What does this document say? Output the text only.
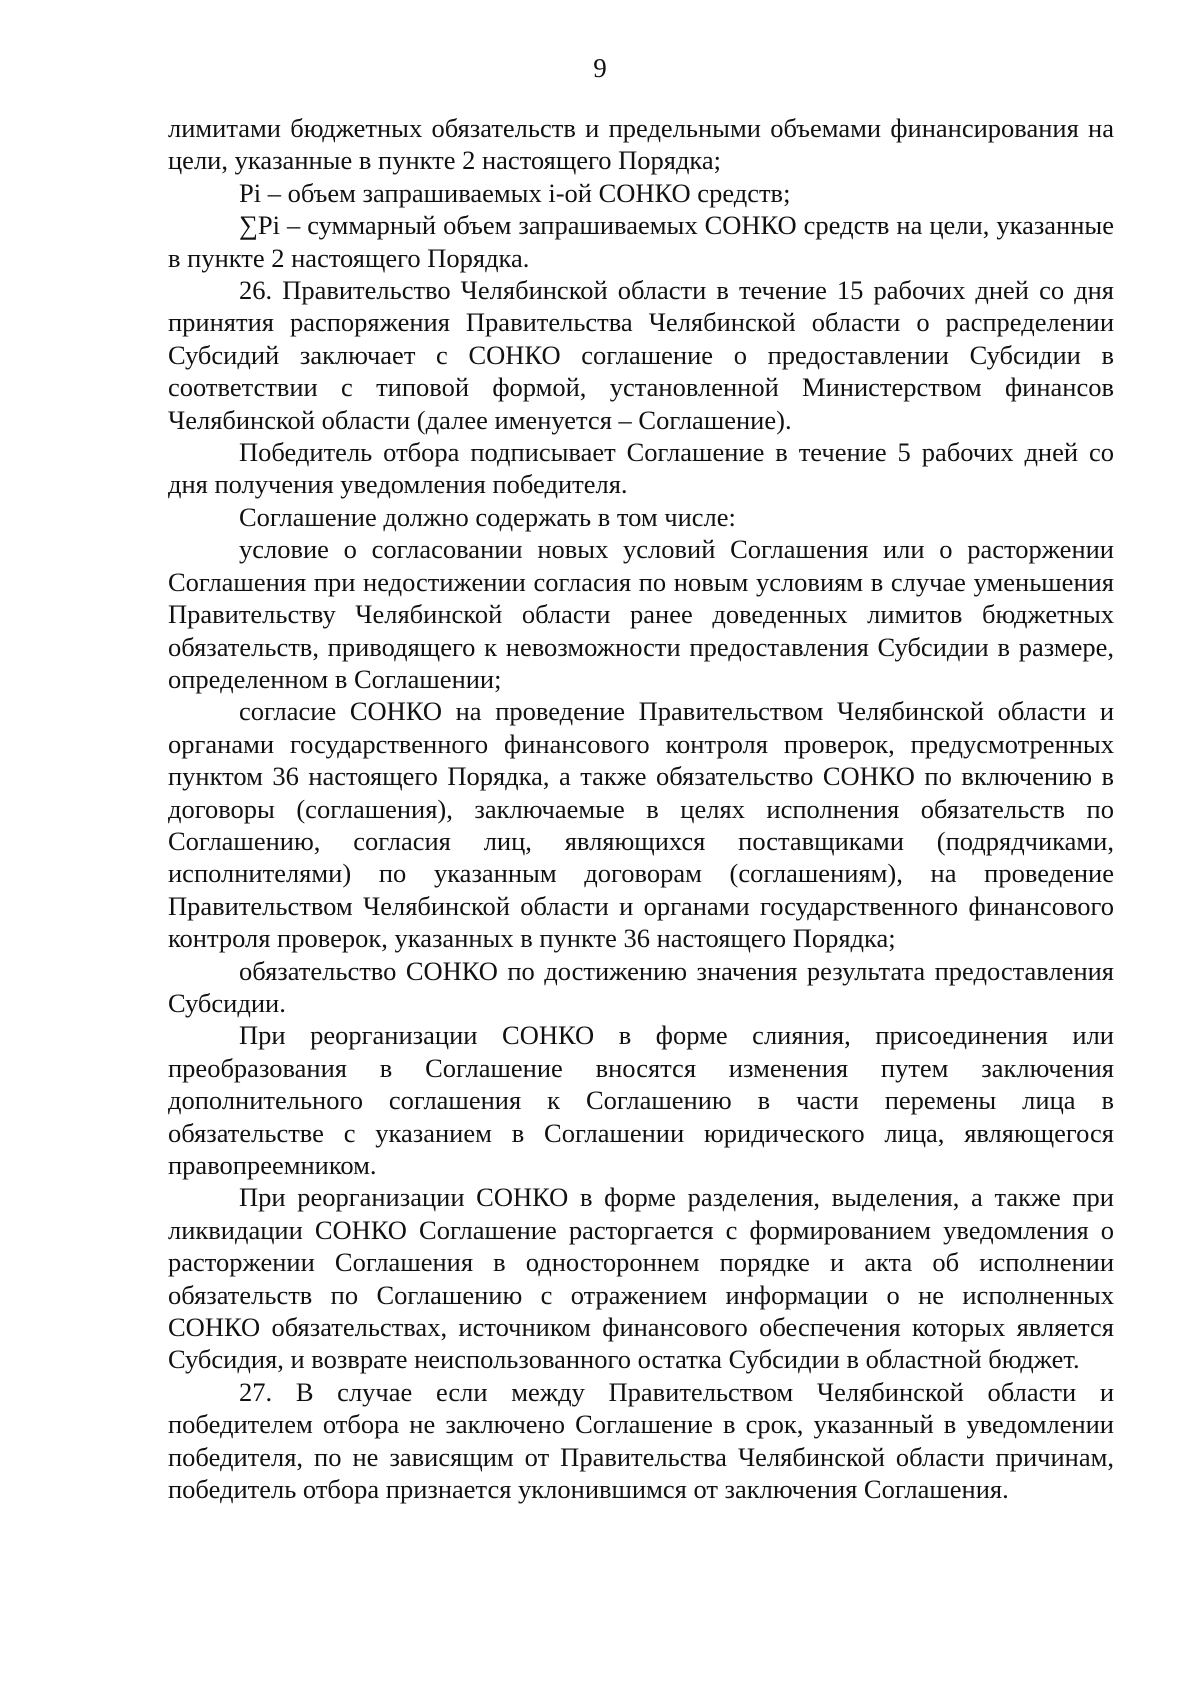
9

лимитами бюджетных обязательств и предельными объемами финансирования на цели, указанные в пункте 2 настоящего Порядка;

Pi – объем запрашиваемых i-ой СОНКО средств;

∑Pi – суммарный объем запрашиваемых СОНКО средств на цели, указанные в пункте 2 настоящего Порядка.

26. Правительство Челябинской области в течение 15 рабочих дней со дня принятия распоряжения Правительства Челябинской области о распределении Субсидий заключает с СОНКО соглашение о предоставлении Субсидии в соответствии с типовой формой, установленной Министерством финансов Челябинской области (далее именуется – Соглашение).

Победитель отбора подписывает Соглашение в течение 5 рабочих дней со дня получения уведомления победителя.

Соглашение должно содержать в том числе:

условие о согласовании новых условий Соглашения или о расторжении Соглашения при недостижении согласия по новым условиям в случае уменьшения Правительству Челябинской области ранее доведенных лимитов бюджетных обязательств, приводящего к невозможности предоставления Субсидии в размере, определенном в Соглашении;

согласие СОНКО на проведение Правительством Челябинской области и органами государственного финансового контроля проверок, предусмотренных пунктом 36 настоящего Порядка, а также обязательство СОНКО по включению в договоры (соглашения), заключаемые в целях исполнения обязательств по Соглашению, согласия лиц, являющихся поставщиками (подрядчиками, исполнителями) по указанным договорам (соглашениям), на проведение Правительством Челябинской области и органами государственного финансового контроля проверок, указанных в пункте 36 настоящего Порядка;

обязательство СОНКО по достижению значения результата предоставления Субсидии.

При реорганизации СОНКО в форме слияния, присоединения или преобразования в Соглашение вносятся изменения путем заключения дополнительного соглашения к Соглашению в части перемены лица в обязательстве с указанием в Соглашении юридического лица, являющегося правопреемником.

При реорганизации СОНКО в форме разделения, выделения, а также при ликвидации СОНКО Соглашение расторгается с формированием уведомления о расторжении Соглашения в одностороннем порядке и акта об исполнении обязательств по Соглашению с отражением информации о не исполненных СОНКО обязательствах, источником финансового обеспечения которых является Субсидия, и возврате неиспользованного остатка Субсидии в областной бюджет.

27. В случае если между Правительством Челябинской области и победителем отбора не заключено Соглашение в срок, указанный в уведомлении победителя, по не зависящим от Правительства Челябинской области причинам, победитель отбора признается уклонившимся от заключения Соглашения.
